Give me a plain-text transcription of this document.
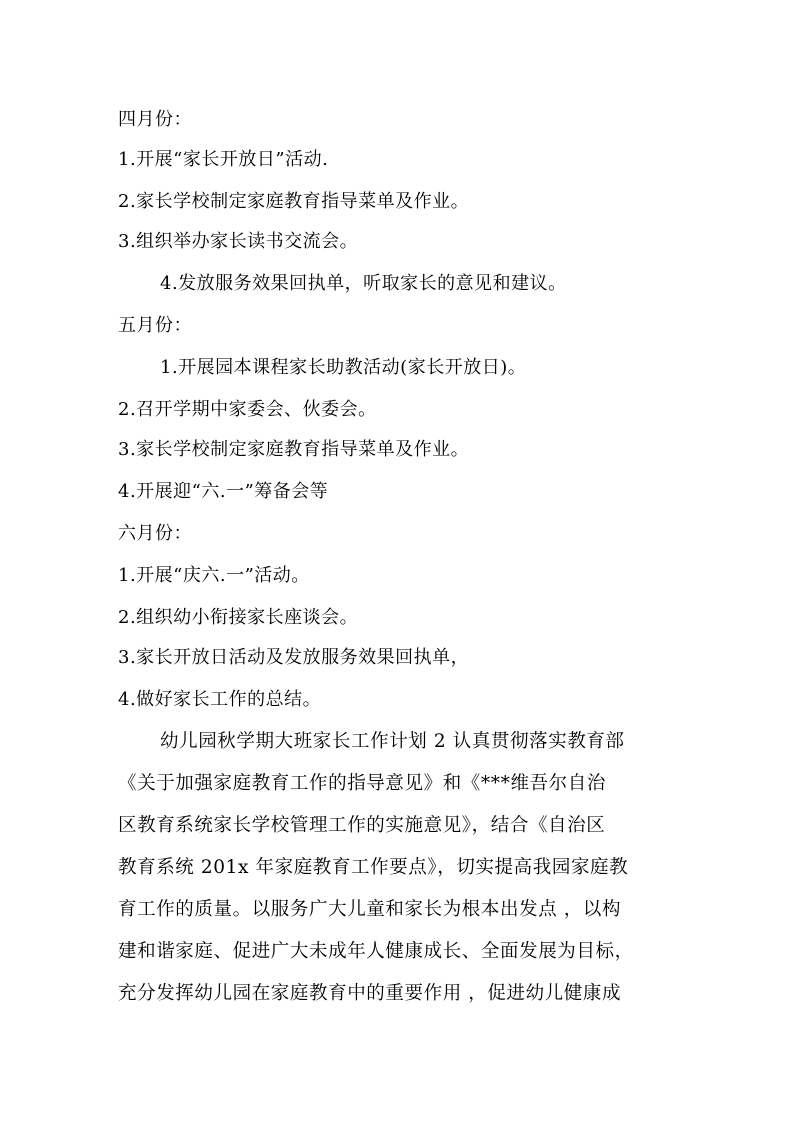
四月份：
1.开展“家长开放日”活动.
2.家长学校制定家庭教育指导菜单及作业。
3.组织举办家长读书交流会。
4.发放服务效果回执单，听取家长的意见和建议。
五月份：
1.开展园本课程家长助教活动(家长开放日)。
2.召开学期中家委会、伙委会。
3.家长学校制定家庭教育指导菜单及作业。
4.开展迎“六.一”筹备会等
六月份：
1.开展“庆六.一”活动。
2.组织幼小衔接家长座谈会。
3.家长开放日活动及发放服务效果回执单，
4.做好家长工作的总结。
幼儿园秋学期大班家长工作计划 2 认真贯彻落实教育部
《关于加强家庭教育工作的指导意见》和《***维吾尔自治
区教育系统家长学校管理工作的实施意见》，结合《自治区
教育系统 201x 年家庭教育工作要点》，切实提高我园家庭教
育工作的质量。以服务广大儿童和家长为根本出发点 ，以构
建和谐家庭、促进广大未成年人健康成长、全面发展为目标，
充分发挥幼儿园在家庭教育中的重要作用 ，促进幼儿健康成
